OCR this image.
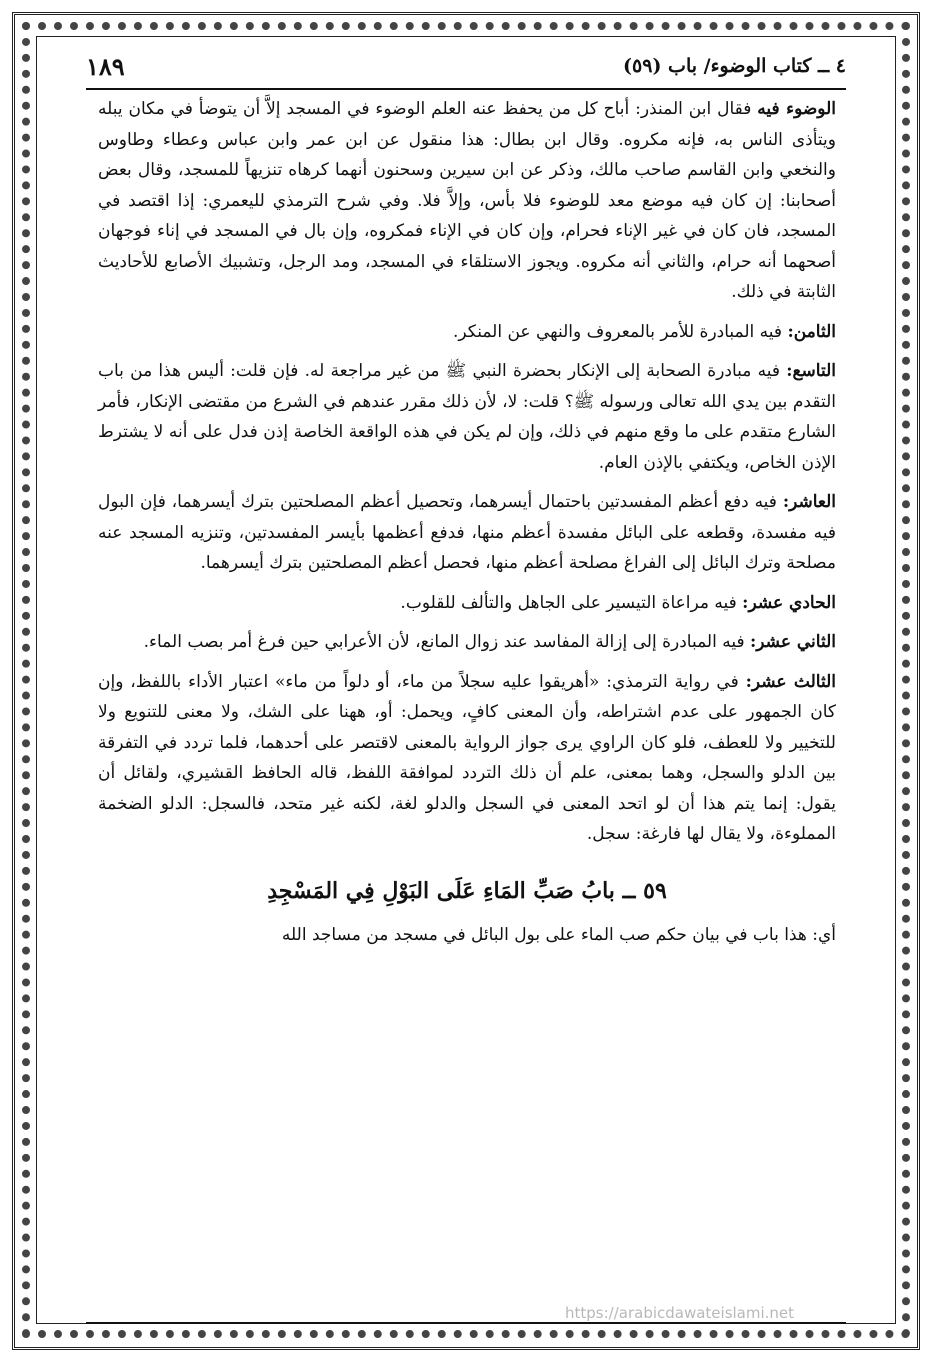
٤ ــ كتاب الوضوء/ باب (٥٩)
١٨٩

الوضوء فيه فقال ابن المنذر: أباح كل من يحفظ عنه العلم الوضوء في المسجد إلاَّ أن يتوضأ في مكان يبله ويتأذى الناس به، فإنه مكروه. وقال ابن بطال: هذا منقول عن ابن عمر وابن عباس وعطاء وطاوس والنخعي وابن القاسم صاحب مالك، وذكر عن ابن سيرين وسحنون أنهما كرهاه تنزيهاً للمسجد، وقال بعض أصحابنا: إن كان فيه موضع معد للوضوء فلا بأس، وإلاَّ فلا. وفي شرح الترمذي لليعمري: إذا اقتصد في المسجد، فان كان في غير الإناء فحرام، وإن كان في الإناء فمكروه، وإن بال في المسجد في إناء فوجهان أصحهما أنه حرام، والثاني أنه مكروه. ويجوز الاستلقاء في المسجد، ومد الرجل، وتشبيك الأصابع للأحاديث الثابتة في ذلك.

الثامن: فيه المبادرة للأمر بالمعروف والنهي عن المنكر.

التاسع: فيه مبادرة الصحابة إلى الإنكار بحضرة النبي ﷺ من غير مراجعة له. فإن قلت: أليس هذا من باب التقدم بين يدي الله تعالى ورسوله ﷺ؟ قلت: لا، لأن ذلك مقرر عندهم في الشرع من مقتضى الإنكار، فأمر الشارع متقدم على ما وقع منهم في ذلك، وإن لم يكن في هذه الواقعة الخاصة إذن فدل على أنه لا يشترط الإذن الخاص، ويكتفي بالإذن العام.

العاشر: فيه دفع أعظم المفسدتين باحتمال أيسرهما، وتحصيل أعظم المصلحتين بترك أيسرهما، فإن البول فيه مفسدة، وقطعه على البائل مفسدة أعظم منها، فدفع أعظمها بأيسر المفسدتين، وتنزيه المسجد عنه مصلحة وترك البائل إلى الفراغ مصلحة أعظم منها، فحصل أعظم المصلحتين بترك أيسرهما.

الحادي عشر: فيه مراعاة التيسير على الجاهل والتألف للقلوب.

الثاني عشر: فيه المبادرة إلى إزالة المفاسد عند زوال المانع، لأن الأعرابي حين فرغ أمر بصب الماء.

الثالث عشر: في رواية الترمذي: «أهريقوا عليه سجلاً من ماء، أو دلواً من ماء» اعتبار الأداء باللفظ، وإن كان الجمهور على عدم اشتراطه، وأن المعنى كافٍ، ويحمل: أو، ههنا على الشك، ولا معنى للتنويع ولا للتخيير ولا للعطف، فلو كان الراوي يرى جواز الرواية بالمعنى لاقتصر على أحدهما، فلما تردد في التفرقة بين الدلو والسجل، وهما بمعنى، علم أن ذلك التردد لموافقة اللفظ، قاله الحافظ القشيري، ولقائل أن يقول: إنما يتم هذا أن لو اتحد المعنى في السجل والدلو لغة، لكنه غير متحد، فالسجل: الدلو الضخمة المملوءة، ولا يقال لها فارغة: سجل.

٥٩ ــ بابُ صَبِّ المَاءِ عَلَى البَوْلِ فِي المَسْجِدِ

أي: هذا باب في بيان حكم صب الماء على بول البائل في مسجد من مساجد الله

https://arabicdawateislami.net
